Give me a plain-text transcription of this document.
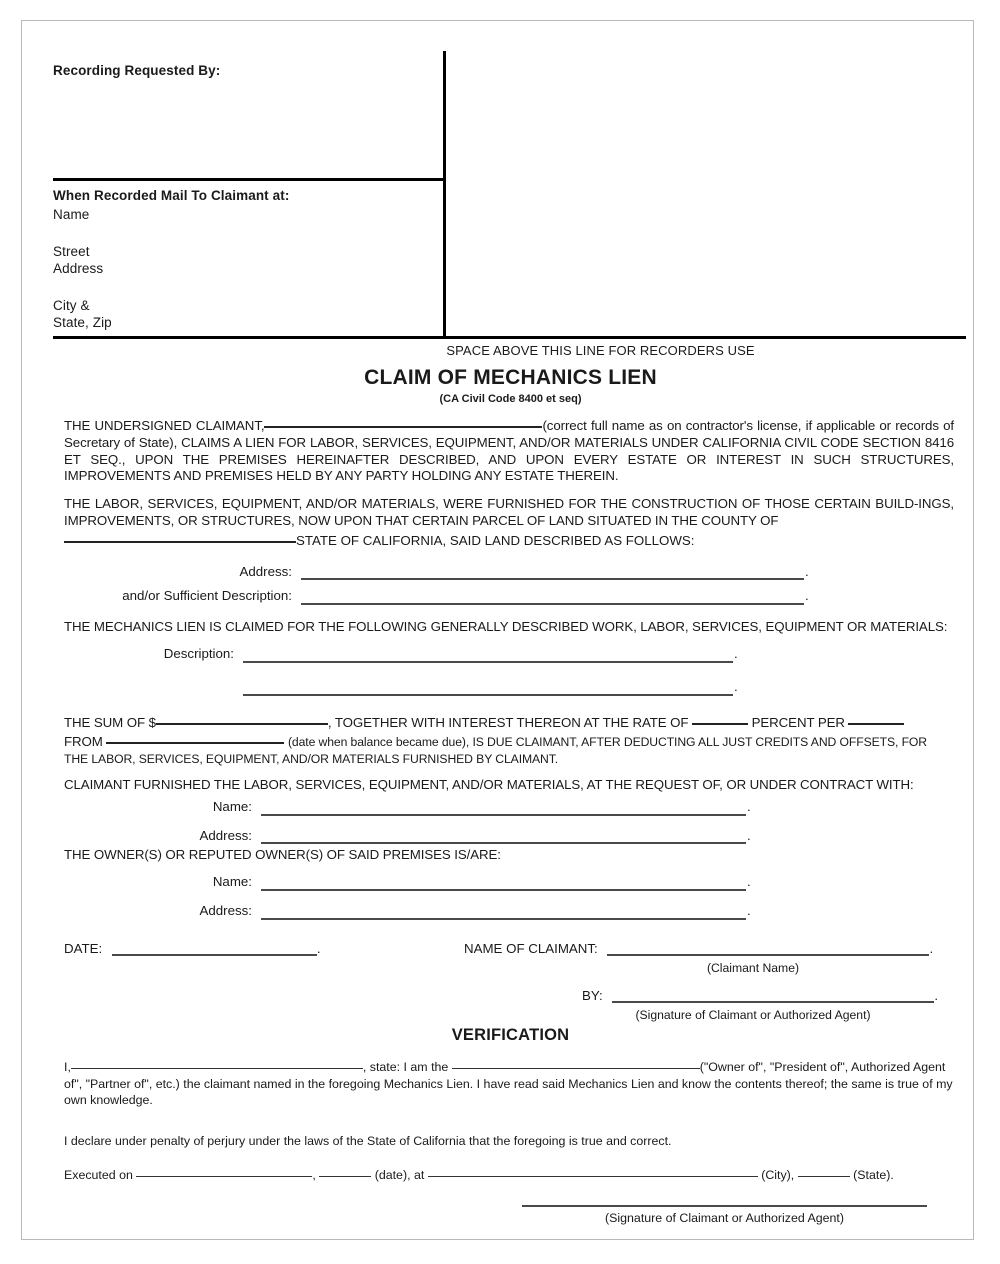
Recording Requested By:
When Recorded Mail To Claimant at:
Name
Street
Address
City &
State, Zip
SPACE ABOVE THIS LINE FOR RECORDERS USE
CLAIM OF MECHANICS LIEN
(CA Civil Code 8400 et seq)

THE UNDERSIGNED CLAIMANT,	(correct full name as on contractor's license, if applicable or records of Secretary of State), CLAIMS A LIEN FOR LABOR, SERVICES, EQUIPMENT, AND/OR MATERIALS UNDER CALIFORNIA CIVIL CODE SECTION 8416 ET SEQ., UPON THE PREMISES HEREINAFTER DESCRIBED, AND UPON EVERY ESTATE OR INTEREST IN SUCH STRUCTURES, IMPROVEMENTS AND PREMISES HELD BY ANY PARTY HOLDING ANY ESTATE THEREIN.

THE LABOR, SERVICES, EQUIPMENT, AND/OR MATERIALS, WERE FURNISHED FOR THE CONSTRUCTION OF THOSE CERTAIN BUILD-INGS, IMPROVEMENTS, OR STRUCTURES, NOW UPON THAT CERTAIN PARCEL OF LAND SITUATED IN THE COUNTY OF

STATE OF CALIFORNIA, SAID LAND DESCRIBED AS FOLLOWS:
Address:	.
and/or Sufficient Description:	.

THE MECHANICS LIEN IS CLAIMED FOR THE FOLLOWING GENERALLY DESCRIBED WORK, LABOR, SERVICES, EQUIPMENT OR MATERIALS:

Description:	.
.

THE SUM OF $	, TOGETHER WITH INTEREST THEREON AT THE RATE OF	PERCENT PER
FROM	(date when balance became due), IS DUE CLAIMANT, AFTER DEDUCTING ALL JUST CREDITS AND OFFSETS, FOR THE LABOR, SERVICES, EQUIPMENT, AND/OR MATERIALS FURNISHED BY CLAIMANT.

CLAIMANT FURNISHED THE LABOR, SERVICES, EQUIPMENT, AND/OR MATERIALS, AT THE REQUEST OF, OR UNDER CONTRACT WITH:

Name:	.
Address:	.

THE OWNER(S) OR REPUTED OWNER(S) OF SAID PREMISES IS/ARE:

Name:	.
Address:	.
DATE:	.	NAME OF CLAIMANT:	.
(Claimant Name)
BY:	.
(Signature of Claimant or Authorized Agent)
VERIFICATION
I,	, state: I am the	("Owner of", "President of", Authorized Agent of", "Partner of", etc.) the claimant named in the foregoing Mechanics Lien. I have read said Mechanics Lien and know the contents thereof; the same is true of my own knowledge.
I declare under penalty of perjury under the laws of the State of California that the foregoing is true and correct.
Executed on	,	(date), at	(City),	(State).
(Signature of Claimant or Authorized Agent)
